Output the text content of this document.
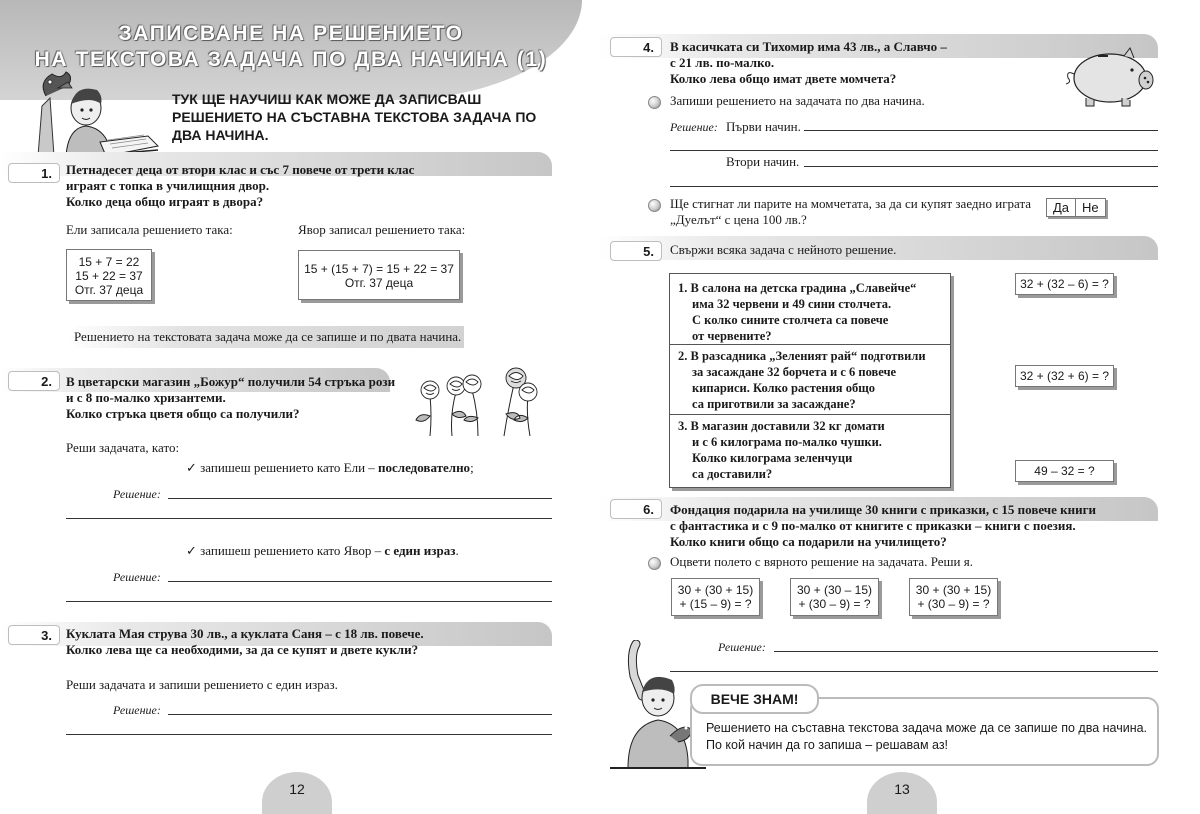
ЗАПИСВАНЕ НА РЕШЕНИЕТО
НА ТЕКСТОВА ЗАДАЧА ПО ДВА НАЧИНА (1)
ТУК ЩЕ НАУЧИШ КАК МОЖЕ ДА ЗАПИСВАШ РЕШЕНИЕТО НА СЪСТАВНА ТЕКСТОВА ЗАДАЧА ПО ДВА НАЧИНА.
1.	Петнадесет деца от втори клас и със 7 повече от трети клас
играят с топка в училищния двор.
Колко деца общо играят в двора?
Ели записала решението така:	Явор записал решението така:
15 + 7 = 22
15 + 22 = 37
Отг. 37 деца
15 + (15 + 7) = 15 + 22 = 37
Отг. 37 деца
Решението на текстовата задача може да се запише и по двата начина.
2.	В цветарски магазин „Божур“ получили 54 стръка рози
и с 8 по-малко хризантеми.
Колко стръка цветя общо са получили?
Реши задачата, като:
✓ запишеш решението като Ели – последователно;
Решение:
✓ запишеш решението като Явор – с един израз.
Решение:
3.	Куклата Мая струва 30 лв., а куклата Саня – с 18 лв. повече.
Колко лева ще са необходими, за да се купят и двете кукли?
Реши задачата и запиши решението с един израз.
Решение:
12
4.	В касичката си Тихомир има 43 лв., а Славчо –
с 21 лв. по-малко.
Колко лева общо имат двете момчета?
Запиши решението на задачата по два начина.
Решение: Първи начин.
Втори начин.
Ще стигнат ли парите на момчетата, за да си купят заедно играта
„Дуелът“ с цена 100 лв.?
Да	Не
5.	Свържи всяка задача с нейното решение.
1. В салона на детска градина „Славейче“
има 32 червени и 49 сини столчета.
С колко сините столчета са повече
от червените?
2. В разсадника „Зеленият рай“ подготвили
за засаждане 32 борчета и с 6 повече
кипариси. Колко растения общо
са приготвили за засаждане?
3. В магазин доставили 32 кг домати
и с 6 килограма по-малко чушки.
Колко килограма зеленчуци
са доставили?
32 + (32 – 6) = ?
32 + (32 + 6) = ?
49 – 32 = ?
6.	Фондация подарила на училище 30 книги с приказки, с 15 повече книги
с фантастика и с 9 по-малко от книгите с приказки – книги с поезия.
Колко книги общо са подарили на училището?
Оцвети полето с вярното решение на задачата. Реши я.
30 + (30 + 15)
+ (15 – 9) = ?
30 + (30 – 15)
+ (30 – 9) = ?
30 + (30 + 15)
+ (30 – 9) = ?
Решение:
ВЕЧЕ ЗНАМ!
Решението на съставна текстова задача може да се запише по два начина.
По кой начин да го запиша – решавам аз!
13
